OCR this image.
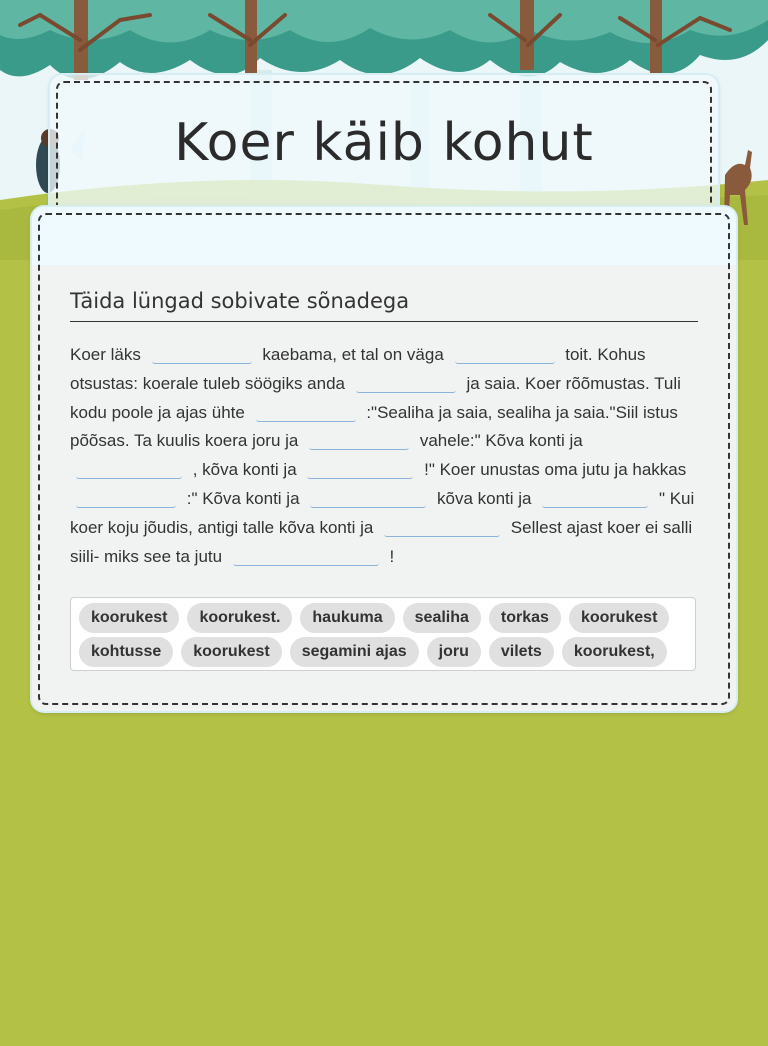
Koer käib kohut
Täida lüngad sobivate sõnadega
Koer läks	kaebama, et tal on väga	toit. Kohus otsustas: koerale tuleb söögiks anda	ja saia. Koer rõõmustas. Tuli kodu poole ja ajas ühte	:"Sealiha ja saia, sealiha ja saia."Siil istus põõsas. Ta kuulis koera joru ja	vahele:" Kõva konti ja  , kõva konti ja	!" Koer unustas oma jutu ja hakkas  :" Kõva konti ja	kõva konti ja	" Kui koer koju jõudis, antigi talle kõva konti ja	Sellest ajast koer ei salli siili- miks see ta jutu	!
koorukest koorukest. haukuma sealiha torkas koorukestkohtusse koorukest segamini ajas joru vilets koorukest,
